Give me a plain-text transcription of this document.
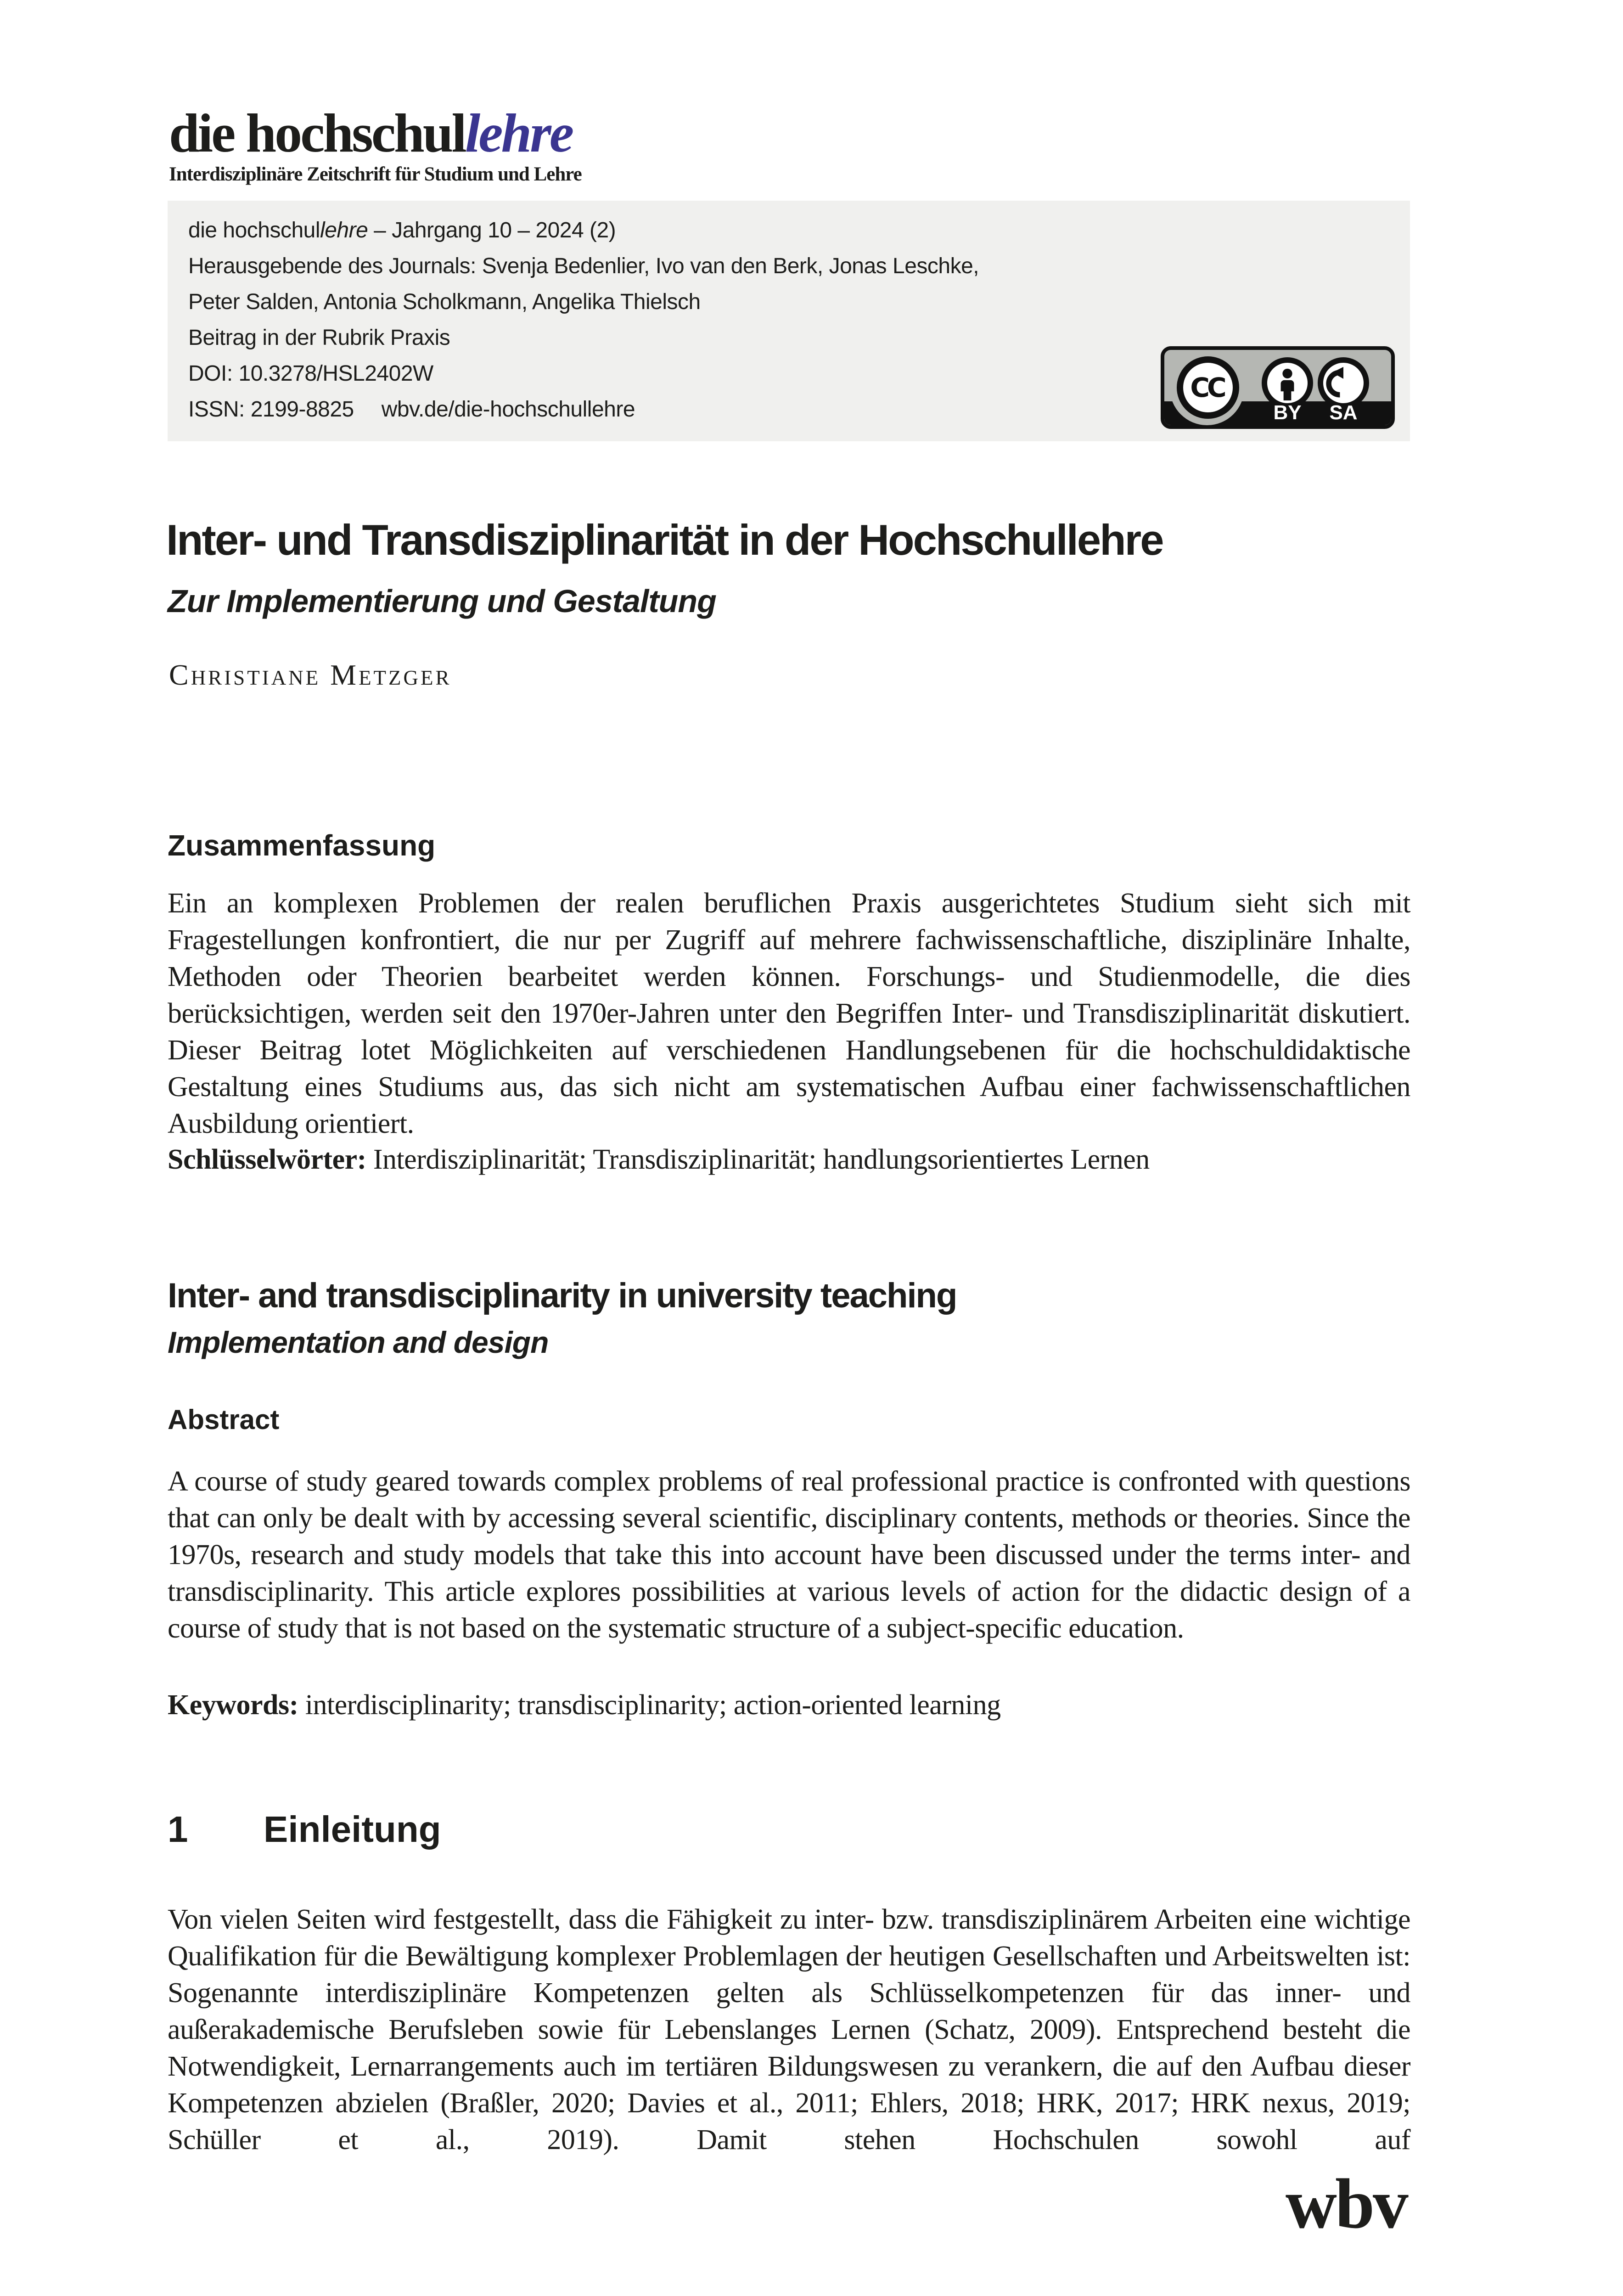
die hochschullehre
Interdisziplinäre Zeitschrift für Studium und Lehre
die hochschullehre – Jahrgang 10 – 2024 (2)
Herausgebende des Journals: Svenja Bedenlier, Ivo van den Berk, Jonas Leschke,
Peter Salden, Antonia Scholkmann, Angelika Thielsch
Beitrag in der Rubrik Praxis
DOI: 10.3278/HSL2402W
ISSN: 2199-8825 wbv.de/die-hochschullehre
CC
BY SA
Inter- und Transdisziplinarität in der Hochschullehre
Zur Implementierung und Gestaltung
Christiane Metzger
Zusammenfassung

Ein an komplexen Problemen der realen beruflichen Praxis ausgerichtetes Studium sieht sich mit Fragestellungen konfrontiert, die nur per Zugriff auf mehrere fachwissenschaftliche, disziplinäre Inhalte, Methoden oder Theorien bearbeitet werden können. Forschungs- und Studienmodelle, die dies berücksichtigen, werden seit den 1970er-Jahren unter den Begriffen Inter- und Transdisziplinarität diskutiert. Dieser Beitrag lotet Möglichkeiten auf verschiedenen Handlungsebenen für die hochschuldidaktische Gestaltung eines Studiums aus, das sich nicht am systematischen Aufbau einer fachwissenschaftlichen Ausbildung orientiert.

Schlüsselwörter: Interdisziplinarität; Transdisziplinarität; handlungsorientiertes Lernen
Inter- and transdisciplinarity in university teaching
Implementation and design
Abstract

A course of study geared towards complex problems of real professional practice is confronted with questions that can only be dealt with by accessing several scientific, disciplinary contents, methods or theories. Since the 1970s, research and study models that take this into account have been discussed under the terms inter- and transdisciplinarity. This article explores possibilities at various levels of action for the didactic design of a course of study that is not based on the systematic structure of a subject-specific education.

Keywords: interdisciplinarity; transdisciplinarity; action-oriented learning
1	Einleitung

Von vielen Seiten wird festgestellt, dass die Fähigkeit zu inter- bzw. transdisziplinärem Arbeiten eine wichtige Qualifikation für die Bewältigung komplexer Problemlagen der heutigen Gesellschaften und Arbeitswelten ist: Sogenannte interdisziplinäre Kompetenzen gelten als Schlüsselkompetenzen für das inner- und außerakademische Berufsleben sowie für Lebenslanges Lernen (Schatz, 2009). Entsprechend besteht die Notwendigkeit, Lernarrangements auch im tertiären Bildungswesen zu verankern, die auf den Aufbau dieser Kompetenzen abzielen (Braßler, 2020; Davies et al., 2011; Ehlers, 2018; HRK, 2017; HRK nexus, 2019; Schüller et al., 2019). Damit stehen Hochschulen sowohl auf

wbv
